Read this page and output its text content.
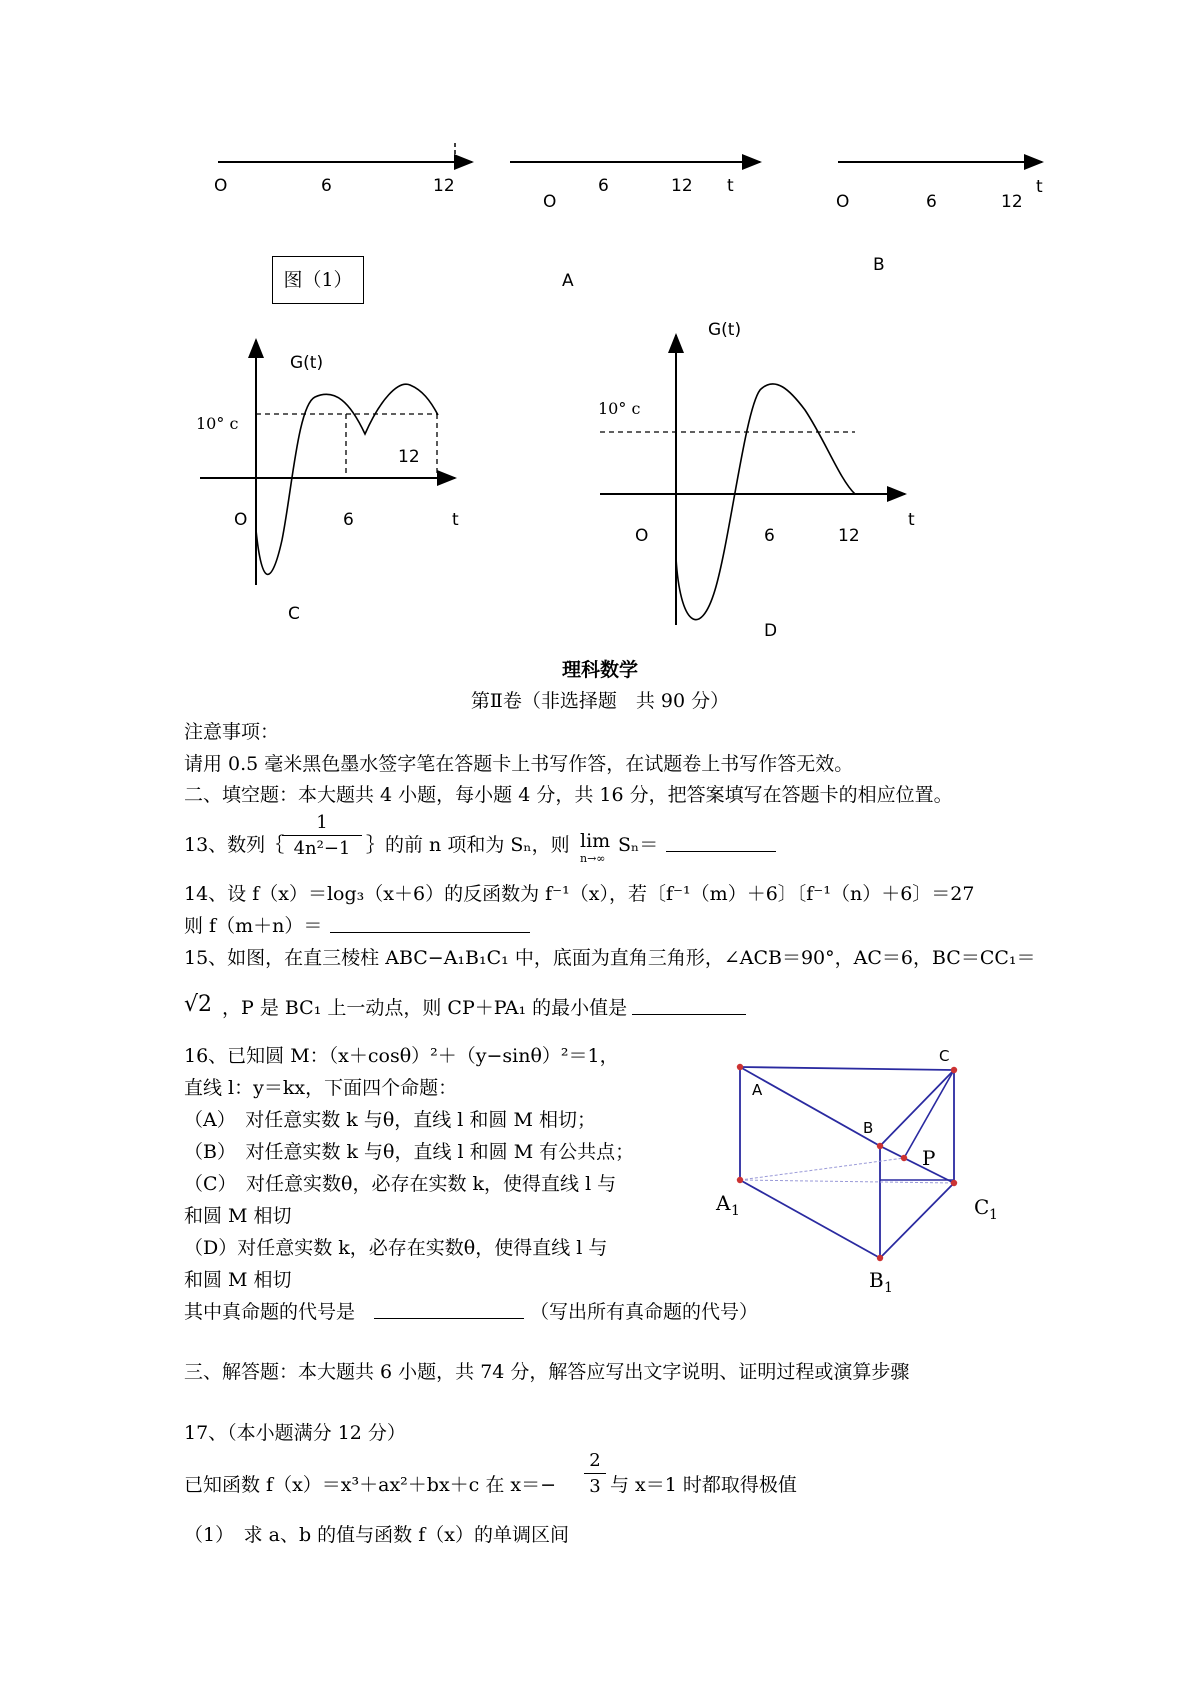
O	6	12
O
6	12 t
O	6	12
t
A
B
G(t)
10° c
12
O	6	t
C
G(t)
10° c
O	6	12
t
D
A
B
C
P
A 1	C 1
B 1
图（1）
理科数学
第Ⅱ卷（非选择题　共 90 分）
注意事项：
请用 0.5 毫米黑色墨水签字笔在答题卡上书写作答，在试题卷上书写作答无效。
二、填空题：本大题共 4 小题，每小题 4 分，共 16 分，把答案填写在答题卡的相应位置。
13、数列｛
1
4n²−1 ｝的前 n 项和为 Sₙ，则 lim
n→∞
Sₙ＝
14、设 f（x）＝log₃（x＋6）的反函数为 f⁻¹（x），若〔f⁻¹（m）＋6〕〔f⁻¹（n）＋6〕＝27
则 f（m＋n）＝
15、如图，在直三棱柱 ABC−A₁B₁C₁ 中，底面为直角三角形，∠ACB＝90°，AC＝6，BC＝CC₁＝
√2 ，P 是 BC₁ 上一动点，则 CP＋PA₁ 的最小值是
16、已知圆 M：（x＋cosθ）²＋（y−sinθ）²＝1，
直线 l：y＝kx，下面四个命题：
（A）　对任意实数 k 与θ，直线 l 和圆 M 相切；
（B）　对任意实数 k 与θ，直线 l 和圆 M 有公共点；
（C）　对任意实数θ，必存在实数 k，使得直线 l 与
和圆 M 相切
（D）对任意实数 k，必存在实数θ，使得直线 l 与
和圆 M 相切
其中真命题的代号是	（写出所有真命题的代号）
三、解答题：本大题共 6 小题，共 74 分，解答应写出文字说明、证明过程或演算步骤
17、（本小题满分 12 分）
已知函数 f（x）＝x³＋ax²＋bx＋c 在 x＝−
2
3 与 x＝1 时都取得极值
（1）　求 a、b 的值与函数 f（x）的单调区间
